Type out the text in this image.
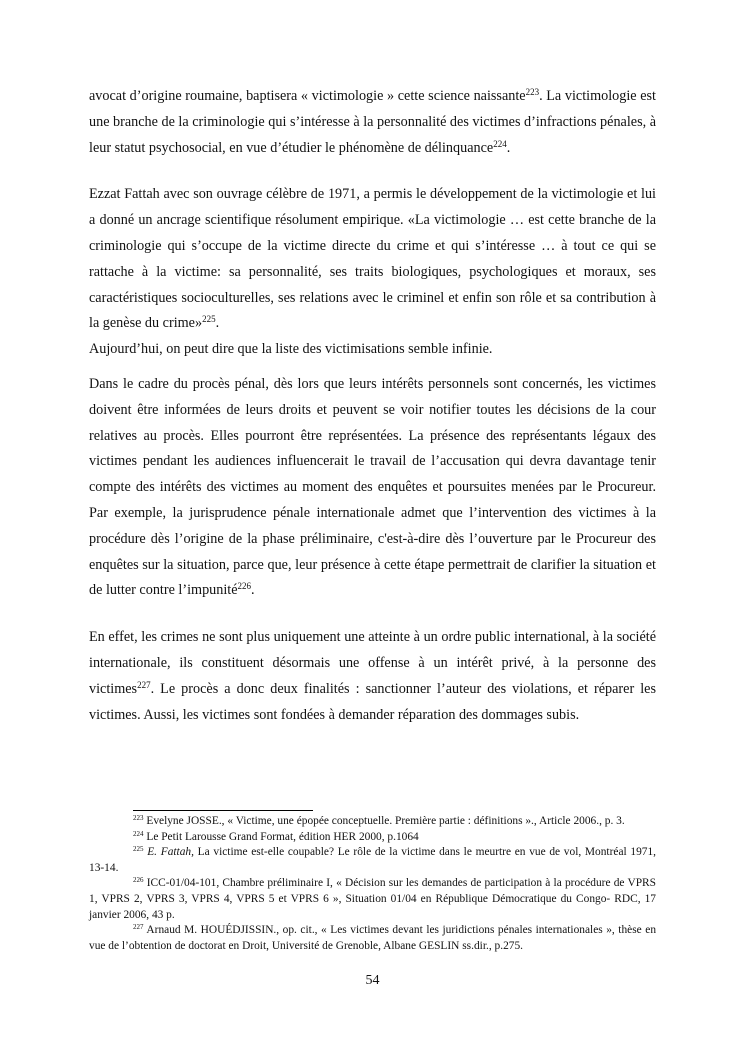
avocat d’origine roumaine, baptisera « victimologie » cette science naissante$^{223}$. La victimologie est une branche de la criminologie qui s’intéresse à la personnalité des victimes d’infractions pénales, à leur statut psychosocial, en vue d’étudier le phénomène de délinquance$^{224}$.

Ezzat Fattah avec son ouvrage célèbre de 1971, a permis le développement de la victimologie et lui a donné un ancrage scientifique résolument empirique. «La victimologie … est cette branche de la criminologie qui s’occupe de la victime directe du crime et qui s’intéresse … à tout ce qui se rattache à la victime: sa personnalité, ses traits biologiques, psychologiques et moraux, ses caractéristiques socioculturelles, ses relations avec le criminel et enfin son rôle et sa contribution à la genèse du crime»$^{225}$.

Aujourd’hui, on peut dire que la liste des victimisations semble infinie.

Dans le cadre du procès pénal, dès lors que leurs intérêts personnels sont concernés, les victimes doivent être informées de leurs droits et peuvent se voir notifier toutes les décisions de la cour relatives au procès. Elles pourront être représentées. La présence des représentants légaux des victimes pendant les audiences influencerait le travail de l’accusation qui devra davantage tenir compte des intérêts des victimes au moment des enquêtes et poursuites menées par le Procureur. Par exemple, la jurisprudence pénale internationale admet que l’intervention des victimes à la procédure dès l’origine de la phase préliminaire, c'est-à-dire dès l’ouverture par le Procureur des enquêtes sur la situation, parce que, leur présence à cette étape permettrait de clarifier la situation et de lutter contre l’impunité$^{226}$.

En effet, les crimes ne sont plus uniquement une atteinte à un ordre public international, à la société internationale, ils constituent désormais une offense à un intérêt privé, à la personne des victimes$^{227}$. Le procès a donc deux finalités : sanctionner l’auteur des violations, et réparer les victimes. Aussi, les victimes sont fondées à demander réparation des dommages subis.

$^{223}$ Evelyne JOSSE., « Victime, une épopée conceptuelle. Première partie : définitions »., Article 2006., p. 3.

$^{224}$ Le Petit Larousse Grand Format, édition HER 2000, p.1064

$^{225}$ E. Fattah, La victime est-elle coupable? Le rôle de la victime dans le meurtre en vue de vol, Montréal 1971, 13-14.

$^{226}$ ICC-01/04-101, Chambre préliminaire I, « Décision sur les demandes de participation à la procédure de VPRS 1, VPRS 2, VPRS 3, VPRS 4, VPRS 5 et VPRS 6 », Situation 01/04 en République Démocratique du Congo- RDC, 17 janvier 2006, 43 p.

$^{227}$ Arnaud M. HOUÉDJISSIN., op. cit., « Les victimes devant les juridictions pénales internationales », thèse en vue de l’obtention de doctorat en Droit, Université de Grenoble, Albane GESLIN ss.dir., p.275.

54
